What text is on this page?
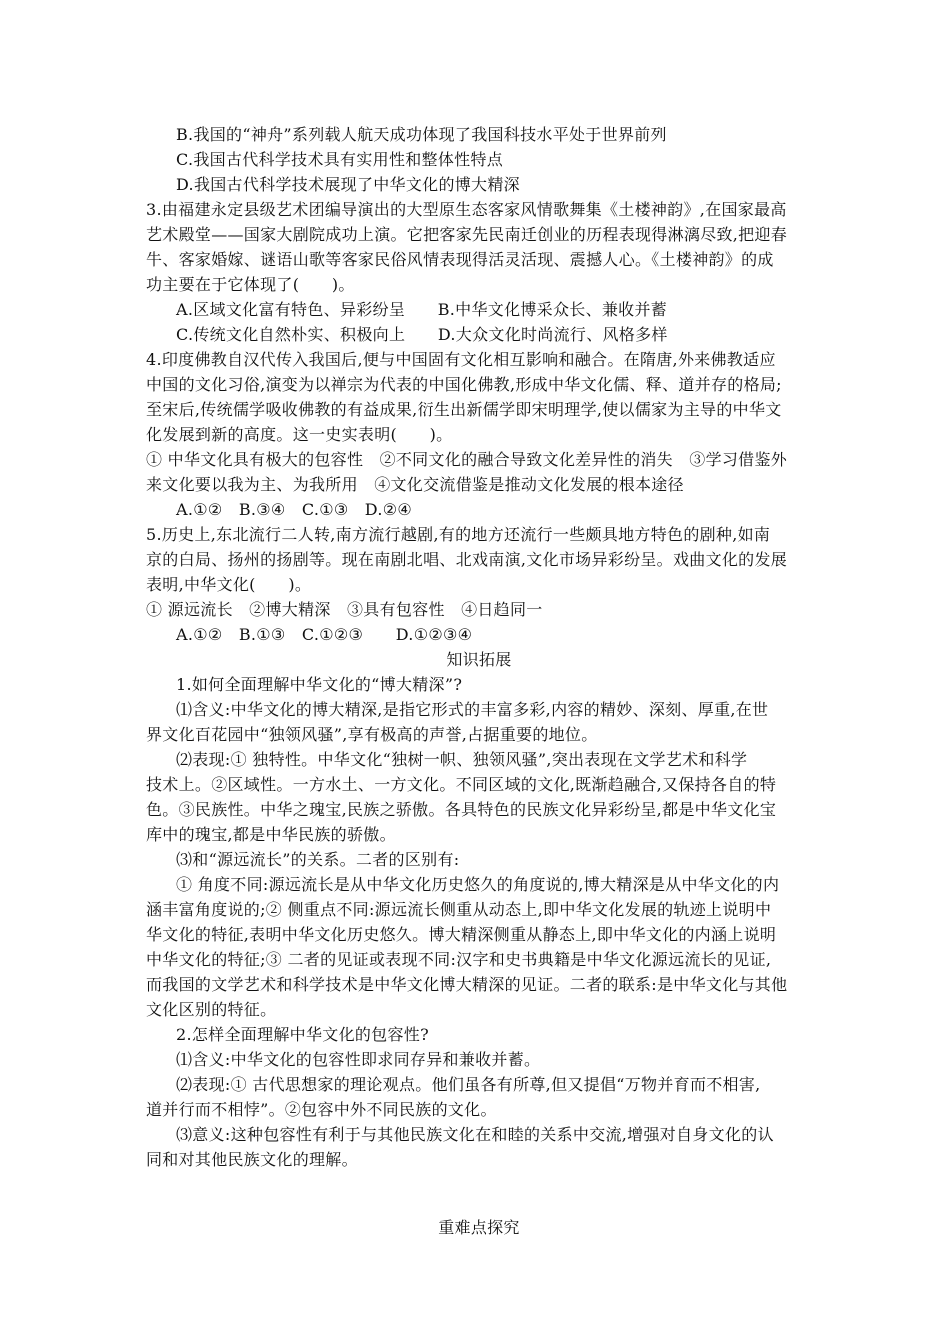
B.我国的“神舟”系列载人航天成功体现了我国科技水平处于世界前列
C.我国古代科学技术具有实用性和整体性特点
D.我国古代科学技术展现了中华文化的博大精深
3.由福建永定县级艺术团编导演出的大型原生态客家风情歌舞集《土楼神韵》,在国家最高
艺术殿堂——国家大剧院成功上演。它把客家先民南迁创业的历程表现得淋漓尽致,把迎春
牛、客家婚嫁、谜语山歌等客家民俗风情表现得活灵活现、震撼人心。《土楼神韵》的成
功主要在于它体现了(　　)。
A.区域文化富有特色、异彩纷呈　　B.中华文化博采众长、兼收并蓄
C.传统文化自然朴实、积极向上　　D.大众文化时尚流行、风格多样
4.印度佛教自汉代传入我国后,便与中国固有文化相互影响和融合。在隋唐,外来佛教适应
中国的文化习俗,演变为以禅宗为代表的中国化佛教,形成中华文化儒、释、道并存的格局;
至宋后,传统儒学吸收佛教的有益成果,衍生出新儒学即宋明理学,使以儒家为主导的中华文
化发展到新的高度。这一史实表明(　　)。
① 中华文化具有极大的包容性　②不同文化的融合导致文化差异性的消失　③学习借鉴外
来文化要以我为主、为我所用　④文化交流借鉴是推动文化发展的根本途径
A.①②　B.③④　C.①③　D.②④
5.历史上,东北流行二人转,南方流行越剧,有的地方还流行一些颇具地方特色的剧种,如南
京的白局、扬州的扬剧等。现在南剧北唱、北戏南演,文化市场异彩纷呈。戏曲文化的发展
表明,中华文化(　　)。
① 源远流长　②博大精深　③具有包容性　④日趋同一
A.①②　B.①③　C.①②③　　D.①②③④
知识拓展
1.如何全面理解中华文化的“博大精深”?
⑴含义:中华文化的博大精深,是指它形式的丰富多彩,内容的精妙、深刻、厚重,在世
界文化百花园中“独领风骚”,享有极高的声誉,占据重要的地位。
⑵表现:① 独特性。中华文化“独树一帜、独领风骚”,突出表现在文学艺术和科学
技术上。②区域性。一方水土、一方文化。不同区域的文化,既渐趋融合,又保持各自的特
色。③民族性。中华之瑰宝,民族之骄傲。各具特色的民族文化异彩纷呈,都是中华文化宝
库中的瑰宝,都是中华民族的骄傲。
⑶和“源远流长”的关系。二者的区别有:
① 角度不同:源远流长是从中华文化历史悠久的角度说的,博大精深是从中华文化的内
涵丰富角度说的;② 侧重点不同:源远流长侧重从动态上,即中华文化发展的轨迹上说明中
华文化的特征,表明中华文化历史悠久。博大精深侧重从静态上,即中华文化的内涵上说明
中华文化的特征;③ 二者的见证或表现不同:汉字和史书典籍是中华文化源远流长的见证,
而我国的文学艺术和科学技术是中华文化博大精深的见证。二者的联系:是中华文化与其他
文化区别的特征。
2.怎样全面理解中华文化的包容性?
⑴含义:中华文化的包容性即求同存异和兼收并蓄。
⑵表现:① 古代思想家的理论观点。他们虽各有所尊,但又提倡“万物并育而不相害,
道并行而不相悖”。②包容中外不同民族的文化。
⑶意义:这种包容性有利于与其他民族文化在和睦的关系中交流,增强对自身文化的认
同和对其他民族文化的理解。
重难点探究
